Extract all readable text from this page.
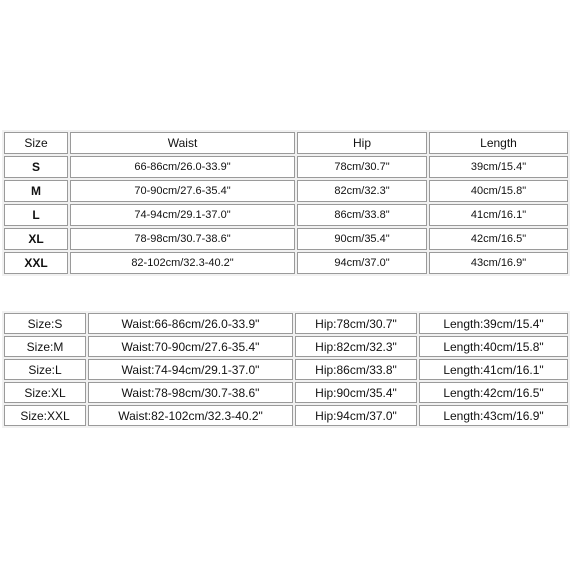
Size	Waist	Hip	Length
S	66-86cm/26.0-33.9"	78cm/30.7"	39cm/15.4"
M	70-90cm/27.6-35.4"	82cm/32.3"	40cm/15.8"
L	74-94cm/29.1-37.0"	86cm/33.8"	41cm/16.1"
XL	78-98cm/30.7-38.6"	90cm/35.4"	42cm/16.5"
XXL	82-102cm/32.3-40.2"	94cm/37.0"	43cm/16.9"
Size:S	Waist:66-86cm/26.0-33.9"	Hip:78cm/30.7"	Length:39cm/15.4"
Size:M	Waist:70-90cm/27.6-35.4"	Hip:82cm/32.3"	Length:40cm/15.8"
Size:L	Waist:74-94cm/29.1-37.0"	Hip:86cm/33.8"	Length:41cm/16.1"
Size:XL	Waist:78-98cm/30.7-38.6"	Hip:90cm/35.4"	Length:42cm/16.5"
Size:XXL	Waist:82-102cm/32.3-40.2"	Hip:94cm/37.0"	Length:43cm/16.9"
